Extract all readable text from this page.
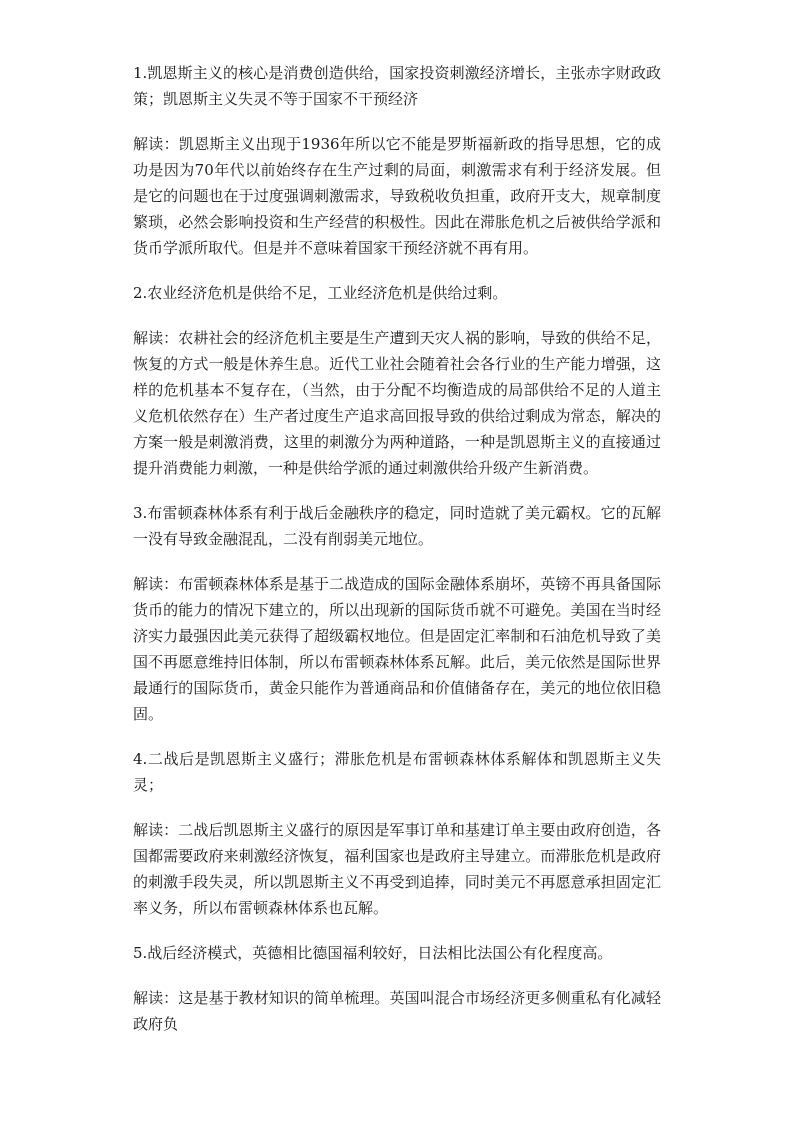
1.凯恩斯主义的核心是消费创造供给，国家投资刺激经济增长，主张赤字财政政策；凯恩斯主义失灵不等于国家不干预经济

解读：凯恩斯主义出现于1936年所以它不能是罗斯福新政的指导思想，它的成功是因为70年代以前始终存在生产过剩的局面，刺激需求有利于经济发展。但是它的问题也在于过度强调刺激需求，导致税收负担重，政府开支大，规章制度繁琐，必然会影响投资和生产经营的积极性。因此在滞胀危机之后被供给学派和货币学派所取代。但是并不意味着国家干预经济就不再有用。

2.农业经济危机是供给不足，工业经济危机是供给过剩。

解读：农耕社会的经济危机主要是生产遭到天灾人祸的影响，导致的供给不足，恢复的方式一般是休养生息。近代工业社会随着社会各行业的生产能力增强，这样的危机基本不复存在，（当然，由于分配不均衡造成的局部供给不足的人道主义危机依然存在）生产者过度生产追求高回报导致的供给过剩成为常态，解决的方案一般是刺激消费，这里的刺激分为两种道路，一种是凯恩斯主义的直接通过提升消费能力刺激，一种是供给学派的通过刺激供给升级产生新消费。

3.布雷顿森林体系有利于战后金融秩序的稳定，同时造就了美元霸权。它的瓦解一没有导致金融混乱，二没有削弱美元地位。

解读：布雷顿森林体系是基于二战造成的国际金融体系崩坏，英镑不再具备国际货币的能力的情况下建立的，所以出现新的国际货币就不可避免。美国在当时经济实力最强因此美元获得了超级霸权地位。但是固定汇率制和石油危机导致了美国不再愿意维持旧体制，所以布雷顿森林体系瓦解。此后，美元依然是国际世界最通行的国际货币，黄金只能作为普通商品和价值储备存在，美元的地位依旧稳固。

4.二战后是凯恩斯主义盛行；滞胀危机是布雷顿森林体系解体和凯恩斯主义失灵；

解读：二战后凯恩斯主义盛行的原因是军事订单和基建订单主要由政府创造，各国都需要政府来刺激经济恢复，福利国家也是政府主导建立。而滞胀危机是政府的刺激手段失灵，所以凯恩斯主义不再受到追捧，同时美元不再愿意承担固定汇率义务，所以布雷顿森林体系也瓦解。

5.战后经济模式，英德相比德国福利较好，日法相比法国公有化程度高。

解读：这是基于教材知识的简单梳理。英国叫混合市场经济更多侧重私有化减轻政府负
